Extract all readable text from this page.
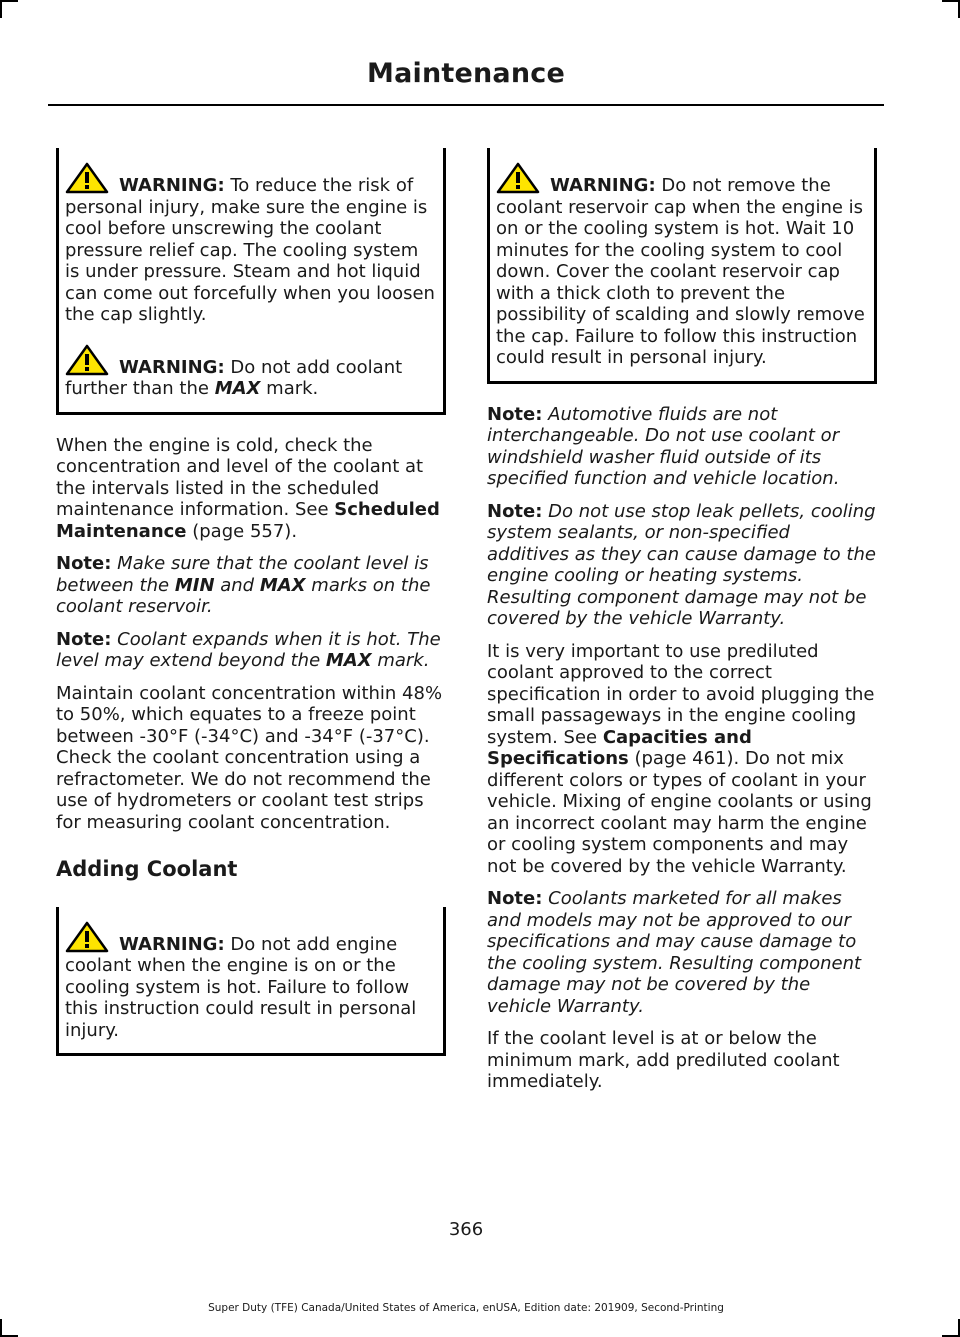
Maintenance

WARNING: To reduce the risk of personal injury, make sure the engine is cool before unscrewing the coolant pressure relief cap. The cooling system is under pressure. Steam and hot liquid can come out forcefully when you loosen the cap slightly.

WARNING: Do not add coolant further than the MAX mark.

When the engine is cold, check the concentration and level of the coolant at the intervals listed in the scheduled maintenance information. See Scheduled Maintenance (page 557).

Note: Make sure that the coolant level is between the MIN and MAX marks on the coolant reservoir.

Note: Coolant expands when it is hot. The level may extend beyond the MAX mark.

Maintain coolant concentration within 48% to 50%, which equates to a freeze point between -30°F (-34°C) and -34°F (-37°C). Check the coolant concentration using a refractometer. We do not recommend the use of hydrometers or coolant test strips for measuring coolant concentration.

Adding Coolant

WARNING: Do not add engine coolant when the engine is on or the cooling system is hot. Failure to follow this instruction could result in personal injury.

WARNING: Do not remove the coolant reservoir cap when the engine is on or the cooling system is hot. Wait 10 minutes for the cooling system to cool down. Cover the coolant reservoir cap with a thick cloth to prevent the possibility of scalding and slowly remove the cap. Failure to follow this instruction could result in personal injury.

Note: Automotive fluids are not interchangeable. Do not use coolant or windshield washer fluid outside of its specified function and vehicle location.

Note: Do not use stop leak pellets, cooling system sealants, or non-specified additives as they can cause damage to the engine cooling or heating systems. Resulting component damage may not be covered by the vehicle Warranty.

It is very important to use prediluted coolant approved to the correct specification in order to avoid plugging the small passageways in the engine cooling system. See Capacities and Specifications (page 461). Do not mix different colors or types of coolant in your vehicle. Mixing of engine coolants or using an incorrect coolant may harm the engine or cooling system components and may not be covered by the vehicle Warranty.

Note: Coolants marketed for all makes and models may not be approved to our specifications and may cause damage to the cooling system. Resulting component damage may not be covered by the vehicle Warranty.

If the coolant level is at or below the minimum mark, add prediluted coolant immediately.

366
Super Duty (TFE) Canada/United States of America, enUSA, Edition date: 201909, Second-Printing
